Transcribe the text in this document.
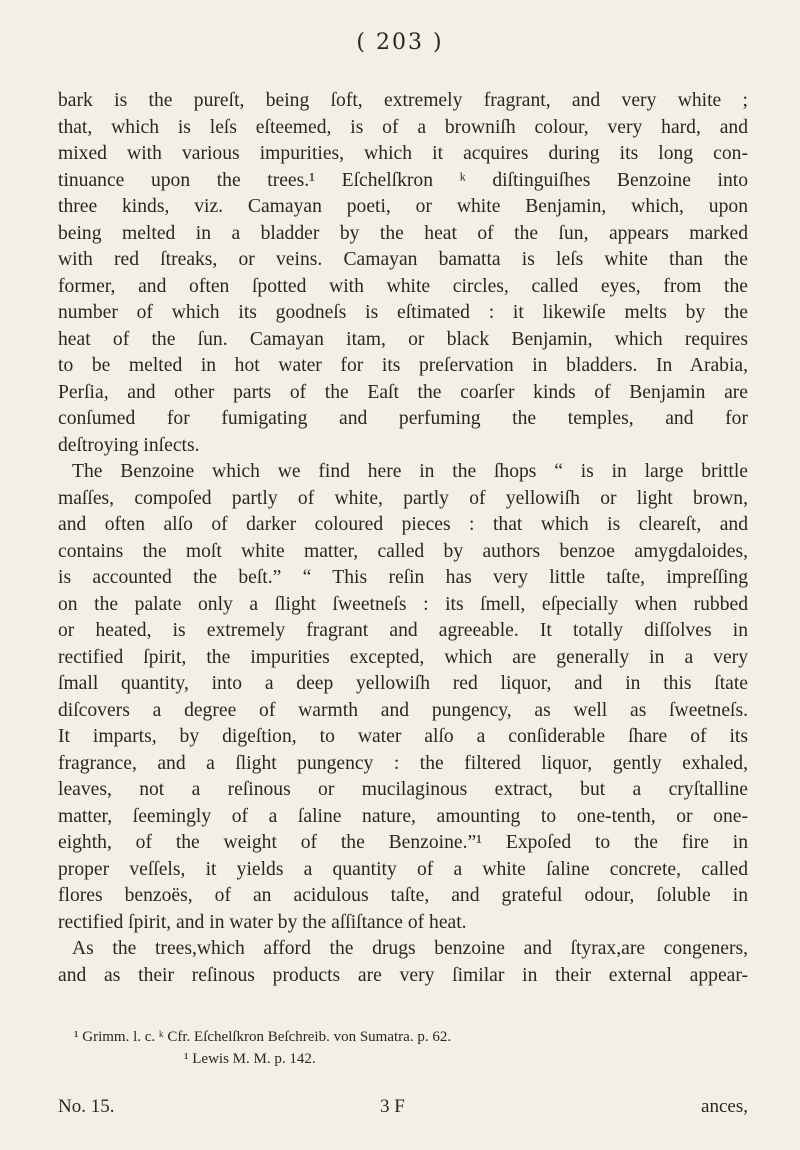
( 203 )
bark is the pureſt, being ſoft, extremely fragrant, and very white ;
that, which is leſs eſteemed, is of a browniſh colour, very hard, and
mixed with various impurities, which it acquires during its long con-
tinuance upon the trees.¹ Eſchelſkron ᵏ diſtinguiſhes Benzoine into
three kinds, viz. Camayan poeti, or white Benjamin, which, upon
being melted in a bladder by the heat of the ſun, appears marked
with red ſtreaks, or veins. Camayan bamatta is leſs white than the
former, and often ſpotted with white circles, called eyes, from the
number of which its goodneſs is eſtimated : it likewiſe melts by the
heat of the ſun. Camayan itam, or black Benjamin, which requires
to be melted in hot water for its preſervation in bladders. In Arabia,
Perſia, and other parts of the Eaſt the coarſer kinds of Benjamin are
conſumed for fumigating and perfuming the temples, and for
deſtroying inſects.
The Benzoine which we find here in the ſhops “ is in large brittle
maſſes, compoſed partly of white, partly of yellowiſh or light brown,
and often alſo of darker coloured pieces : that which is cleareſt, and
contains the moſt white matter, called by authors benzoe amygdaloides,
is accounted the beſt.” “ This reſin has very little taſte, impreſſing
on the palate only a ſlight ſweetneſs : its ſmell, eſpecially when rubbed
or heated, is extremely fragrant and agreeable. It totally diſſolves in
rectified ſpirit, the impurities excepted, which are generally in a very
ſmall quantity, into a deep yellowiſh red liquor, and in this ſtate
diſcovers a degree of warmth and pungency, as well as ſweetneſs.
It imparts, by digeſtion, to water alſo a conſiderable ſhare of its
fragrance, and a ſlight pungency : the filtered liquor, gently exhaled,
leaves, not a reſinous or mucilaginous extract, but a cryſtalline
matter, ſeemingly of a ſaline nature, amounting to one-tenth, or one-
eighth, of the weight of the Benzoine.”¹ Expoſed to the fire in
proper veſſels, it yields a quantity of a white ſaline concrete, called
flores benzoës, of an acidulous taſte, and grateful odour, ſoluble in
rectified ſpirit, and in water by the aſſiſtance of heat.
As the trees,which afford the drugs benzoine and ſtyrax,are congeners,
and as their reſinous products are very ſimilar in their external appear-
¹ Grimm. l. c. ᵏ Cfr. Eſchelſkron Beſchreib. von Sumatra. p. 62.
¹ Lewis M. M. p. 142.
No. 15.	3 F	ances,
